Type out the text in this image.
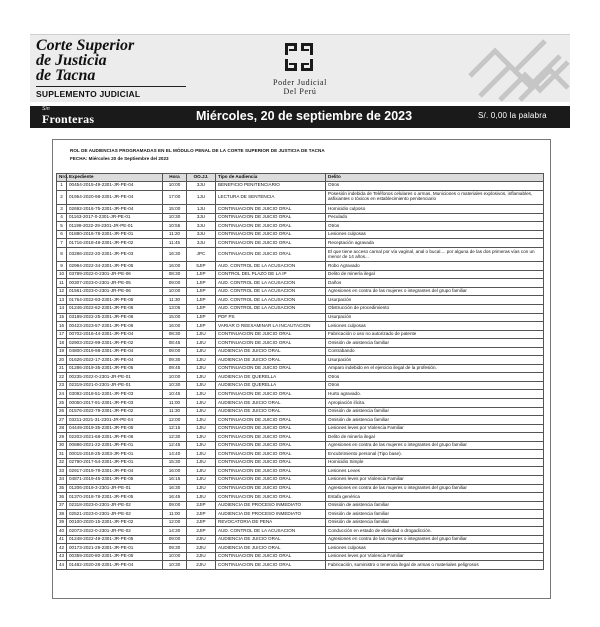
Corte Superior
de Justicia
de Tacna
SUPLEMENTO JUDICIAL
Poder Judicial
Del Perú
Sin
Fronteras	Miércoles, 20 de septiembre de 2023	S/. 0,00 la palabra
ROL DE AUDIENCIAS PROGRAMADAS EN EL MÓDULO PENAL DE LA CORTE SUPERIOR DE JUSTICIA DE TACNA
FECHA: Miércoles 20 de Septiembre del 2023
Nro.	Expediente	Hora	OO.JJ.	Tipo de Audiencia	Delito
1	00454-2015-49-2301-JR-PE-04	10:00	3JU	BENEFICIO PENITENCIARIO	Otros
2	01954-2020-98-2301-JR-PE-04	17:00	1JU	LECTURA DE SENTENCIA	Posesión indebida de Teléfonos celulares o armas, Municiones o materiales explosivos, inflamables, asfixiantes o tóxicos en establecimiento penitenciario
3	02692-2016-75-2301-JR-PE-04	15:00	1JU	CONTINUACION DE JUICIO ORAL	Homicidio culposo
4	01163-2017-0-2301-JR-PE-01	10:30	3JU	CONTINUACION DE JUICIO ORAL	Peculado
5	01199-2022-29-2301-JR-PE-01	10:55	3JU	CONTINUACION DE JUICIO ORAL	Otros
6	01880-2016-78-2301-JR-PE-01	11:20	3JU	CONTINUACION DE JUICIO ORAL	Lesiones culposas
7	01716-2018-48-2301-JR-PE-02	11:45	3JU	CONTINUACION DE JUICIO ORAL	Receptación agravada
8	03286-2022-20-2301-JR-PE-03	16:30	JPC	CONTINUACION DE JUICIO ORAL	El que tiene acceso carnal por vía vaginal, anal o bucal.... por alguna de las dos primeras vías con un menor de 14 años...
9	02994-2022-34-2301-JR-PE-05	16:00	5JIP	AUD. CONTROL DE LA ACUSACION	Robo Agravado
10	03789-2022-0-2301-JR-PE-06	08:30	1JIP	CONTROL DEL PLAZO DE LA IP	Delito de minería ilegal
11	00307-2023-0-2301-JR-PE-05	09:00	1JIP	AUD. CONTROL DE LA ACUSACION	Daños
12	01561-2023-0-2301-JR-PE-06	10:00	1JIP	AUD. CONTROL DE LA ACUSACION	Agresiones en contra de las mujeres o integrantes del grupo familiar
13	01764-2022-93-2301-JR-PE-05	11:30	1JIP	AUD. CONTROL DE LA ACUSACION	Usurpación
14	01246-2022-62-2301-JR-PE-06	13:05	1JIP	AUD. CONTROL DE LA ACUSACION	Obstrucción de procedimiento
15	03189-2022-25-2301-JR-PE-06	15:00	1JIP	PDF PS	Usurpación
16	00423-2023-57-2301-JR-PE-06	16:00	1JIP	VARIAR O REEXAMINAR LA INCAUTACION	Lesiones culposas
17	00702-2016-44-2301-JR-PE-04	08:30	1JIU	CONTINUACION DE JUICIO ORAL	Fabricación o uso no autorizado de patente
18	02903-2022-99-2301-JR-PE-02	08:45	1JIU	CONTINUACION DE JUICIO ORAL	Omisión de asistencia familiar
19	04800-2019-98-2301-JR-PE-04	09:00	1JIU	AUDIENCIA DE JUICIO ORAL	Contrabando
20	01626-2022-17-2301-JR-PE-04	09:30	1JIU	AUDIENCIA DE JUICIO ORAL	Usurpación
21	01286-2019-35-2301-JR-PE-05	09:45	1JIU	CONTINUACION DE JUICIO ORAL	Amparo indebido en el ejercicio ilegal de la profesión.
22	00235-2022-0-2301-JR-PE-01	10:00	1JIU	AUDIENCIA DE QUERELLA	Otros
23	02319-2021-0-2301-JR-PE-01	10:30	1JIU	AUDIENCIA DE QUERELLA	Otros
24	03092-2018-51-2301-JR-PE-03	10:45	1JIU	CONTINUACION DE JUICIO ORAL	Hurto agravado.
25	00050-2017-91-2301-JR-PE-03	11:00	1JIU	AUDIENCIA DE JUICIO ORAL	Apropiación ilícita.
26	01576-2022-79-2301-JR-PE-02	11:30	1JIU	AUDIENCIA DE JUICIO ORAL	Omisión de asistencia familiar
27	03211-2021-31-2301-JR-PE-04	12:00	1JIU	CONTINUACION DE JUICIO ORAL	Omisión de asistencia familiar
28	04449-2019-35-2301-JR-PE-05	12:15	1JIU	CONTINUACION DE JUICIO ORAL	Lesiones leves por Violencia Familiar
29	02203-2021-68-2301-JR-PE-06	12:30	1JIU	CONTINUACION DE JUICIO ORAL	Delito de minería ilegal
30	00886-2021-22-2301-JR-PE-01	12:45	1JIU	CONTINUACION DE JUICIO ORAL	Agresiones en contra de las mujeres o integrantes del grupo familiar
31	00015-2018-25-2303-JR-PE-01	14:40	1JIU	CONTINUACION DE JUICIO ORAL	Encubrimiento personal (Tipo base).
32	02790-2017-54-2301-JR-PE-01	15:30	1JIU	CONTINUACION DE JUICIO ORAL	Homicidio Simple
33	02917-2019-79-2301-JR-PE-04	16:00	1JIU	CONTINUACION DE JUICIO ORAL	Lesiones Leves
34	04871-2019-45-2301-JR-PE-05	16:15	1JIU	CONTINUACION DE JUICIO ORAL	Lesiones leves por Violencia Familiar
35	01206-2019-3-2301-JR-PE-01	16:30	1JIU	CONTINUACION DE JUICIO ORAL	Agresiones en contra de las mujeres o integrantes del grupo familiar
36	01370-2018-78-2301-JR-PE-05	16:45	1JIU	CONTINUACION DE JUICIO ORAL	Estafa genérica
37	02318-2023-0-2301-JR-PE-02	09:00	2JIP	AUDIENCIA DE PROCESO INMEDIATO	Omisión de asistencia familiar
38	02521-2023-0-2301-JR-PE-02	11:00	2JIP	AUDIENCIA DE PROCESO INMEDIATO	Omisión de asistencia familiar
39	00100-2020-15-2301-JR-PE-02	12:00	2JIP	REVOCATORIA DE PENA	Omisión de asistencia familiar
40	02073-2022-0-2301-JR-PE-02	14:30	2JIP	AUD. CONTROL DE LA ACUSACION	Conducción en estado de ebriedad o drogadicción.
41	01248-2022-49-2301-JR-PE-05	09:00	2JIU	AUDIENCIA DE JUICIO ORAL	Agresiones en contra de las mujeres o integrantes del grupo familiar
42	00173-2021-29-2301-JR-PE-01	09:30	2JIU	AUDIENCIA DE JUICIO ORAL	Lesiones culposas
43	00359-2020-80-2301-JR-PE-05	10:00	2JIU	CONTINUACION DE JUICIO ORAL	Lesiones leves por Violencia Familiar
44	01482-2020-28-2301-JR-PE-04	10:30	2JIU	CONTINUACION DE JUICIO ORAL	Fabricación, suministro o tenencia ilegal de armas o materiales peligrosos
